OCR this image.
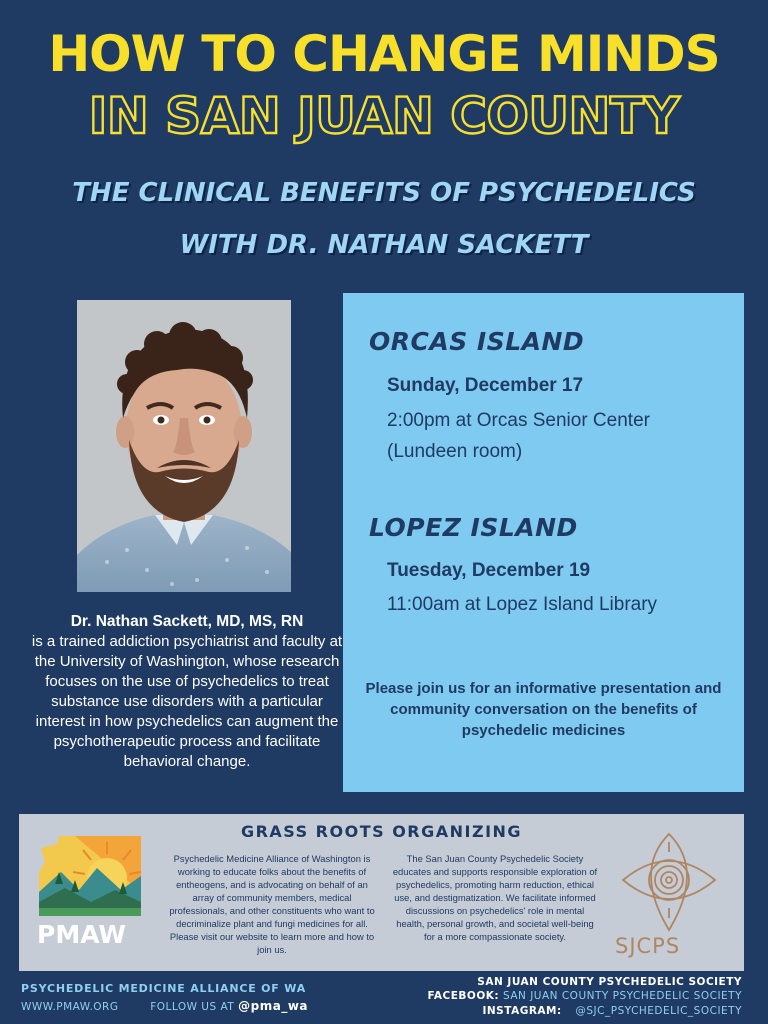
HOW TO CHANGE MINDS
IN SAN JUAN COUNTY
THE CLINICAL BENEFITS OF PSYCHEDELICS
WITH DR. NATHAN SACKETT
Dr. Nathan Sackett, MD, MS, RN
is a trained addiction psychiatrist and faculty at the University of Washington, whose research focuses on the use of psychedelics to treat substance use disorders with a particular interest in how psychedelics can augment the psychotherapeutic process and facilitate behavioral change.
ORCAS ISLAND
Sunday, December 17
2:00pm at Orcas Senior Center
(Lundeen room)
LOPEZ ISLAND
Tuesday, December 19
11:00am at Lopez Island Library
Please join us for an informative presentation and community conversation on the benefits of psychedelic medicines
GRASS ROOTS ORGANIZING
PMAW
Psychedelic Medicine Alliance of Washington is working to educate folks about the benefits of entheogens, and is advocating on behalf of an array of community members, medical professionals, and other constituents who want to decriminalize plant and fungi medicines for all. Please visit our website to learn more and how to join us.
The San Juan County Psychedelic Society educates and supports responsible exploration of psychedelics, promoting harm reduction, ethical use, and destigmatization. We facilitate informed discussions on psychedelics' role in mental health, personal growth, and societal well-being for a more compassionate society.	SJCPS
PSYCHEDELIC MEDICINE ALLIANCE OF WA
WWW.PMAW.ORG	FOLLOW US AT @pma_wa
SAN JUAN COUNTY PSYCHEDELIC SOCIETY
FACEBOOK: SAN JUAN COUNTY PSYCHEDELIC SOCIETY
INSTAGRAM: @SJC_PSYCHEDELIC_SOCIETY
